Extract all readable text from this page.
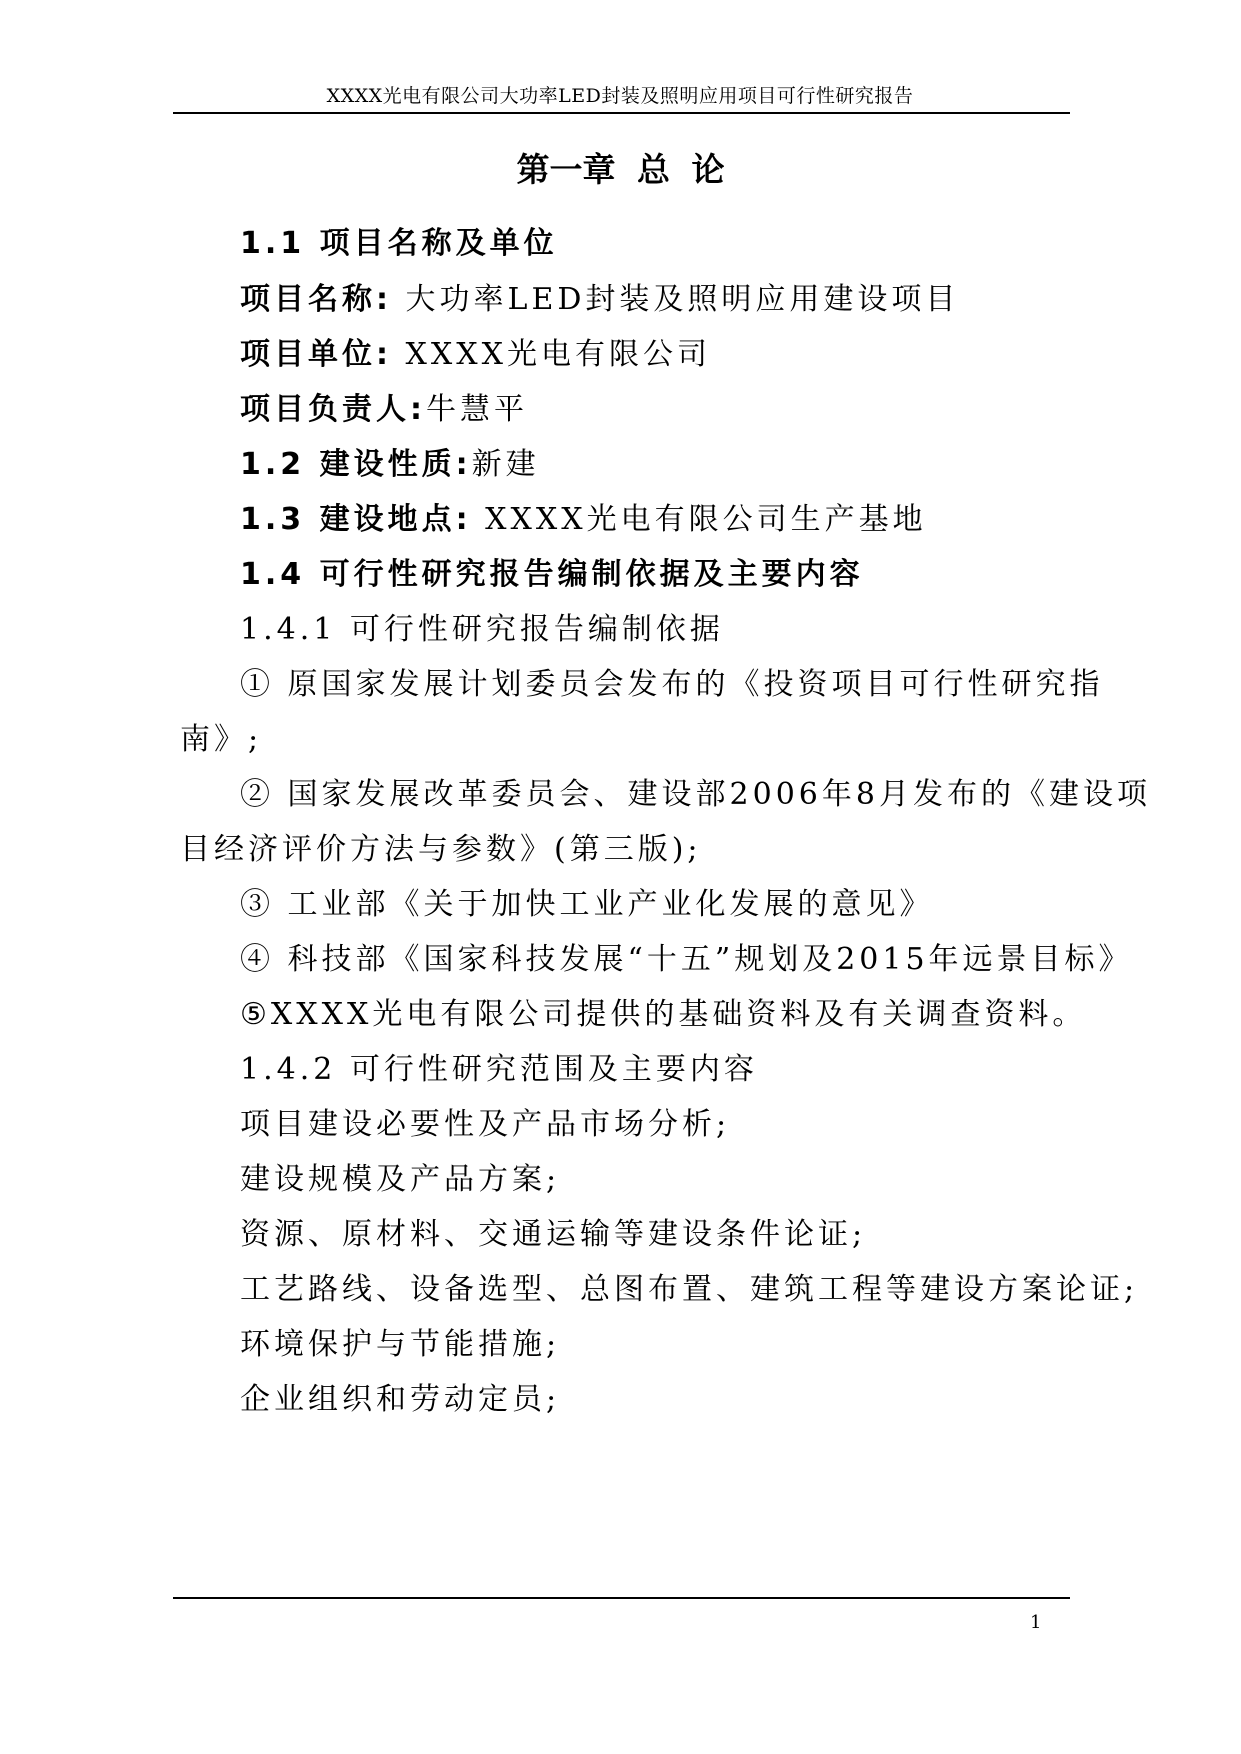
XXXX光电有限公司大功率LED封装及照明应用项目可行性研究报告
第一章 总 论
1.1 项目名称及单位
项目名称: 大功率LED封装及照明应用建设项目
项目单位: XXXX光电有限公司
项目负责人:牛慧平
1.2 建设性质:新建
1.3 建设地点: XXXX光电有限公司生产基地
1.4 可行性研究报告编制依据及主要内容
1.4.1 可行性研究报告编制依据
① 原国家发展计划委员会发布的《投资项目可行性研究指
南》;
② 国家发展改革委员会、建设部2006年8月发布的《建设项
目经济评价方法与参数》(第三版);
③ 工业部《关于加快工业产业化发展的意见》
④ 科技部《国家科技发展“十五”规划及2015年远景目标》
⑤XXXX光电有限公司提供的基础资料及有关调查资料。
1.4.2 可行性研究范围及主要内容
项目建设必要性及产品市场分析;
建设规模及产品方案;
资源、原材料、交通运输等建设条件论证;
工艺路线、设备选型、总图布置、建筑工程等建设方案论证;
环境保护与节能措施;
企业组织和劳动定员;
1
